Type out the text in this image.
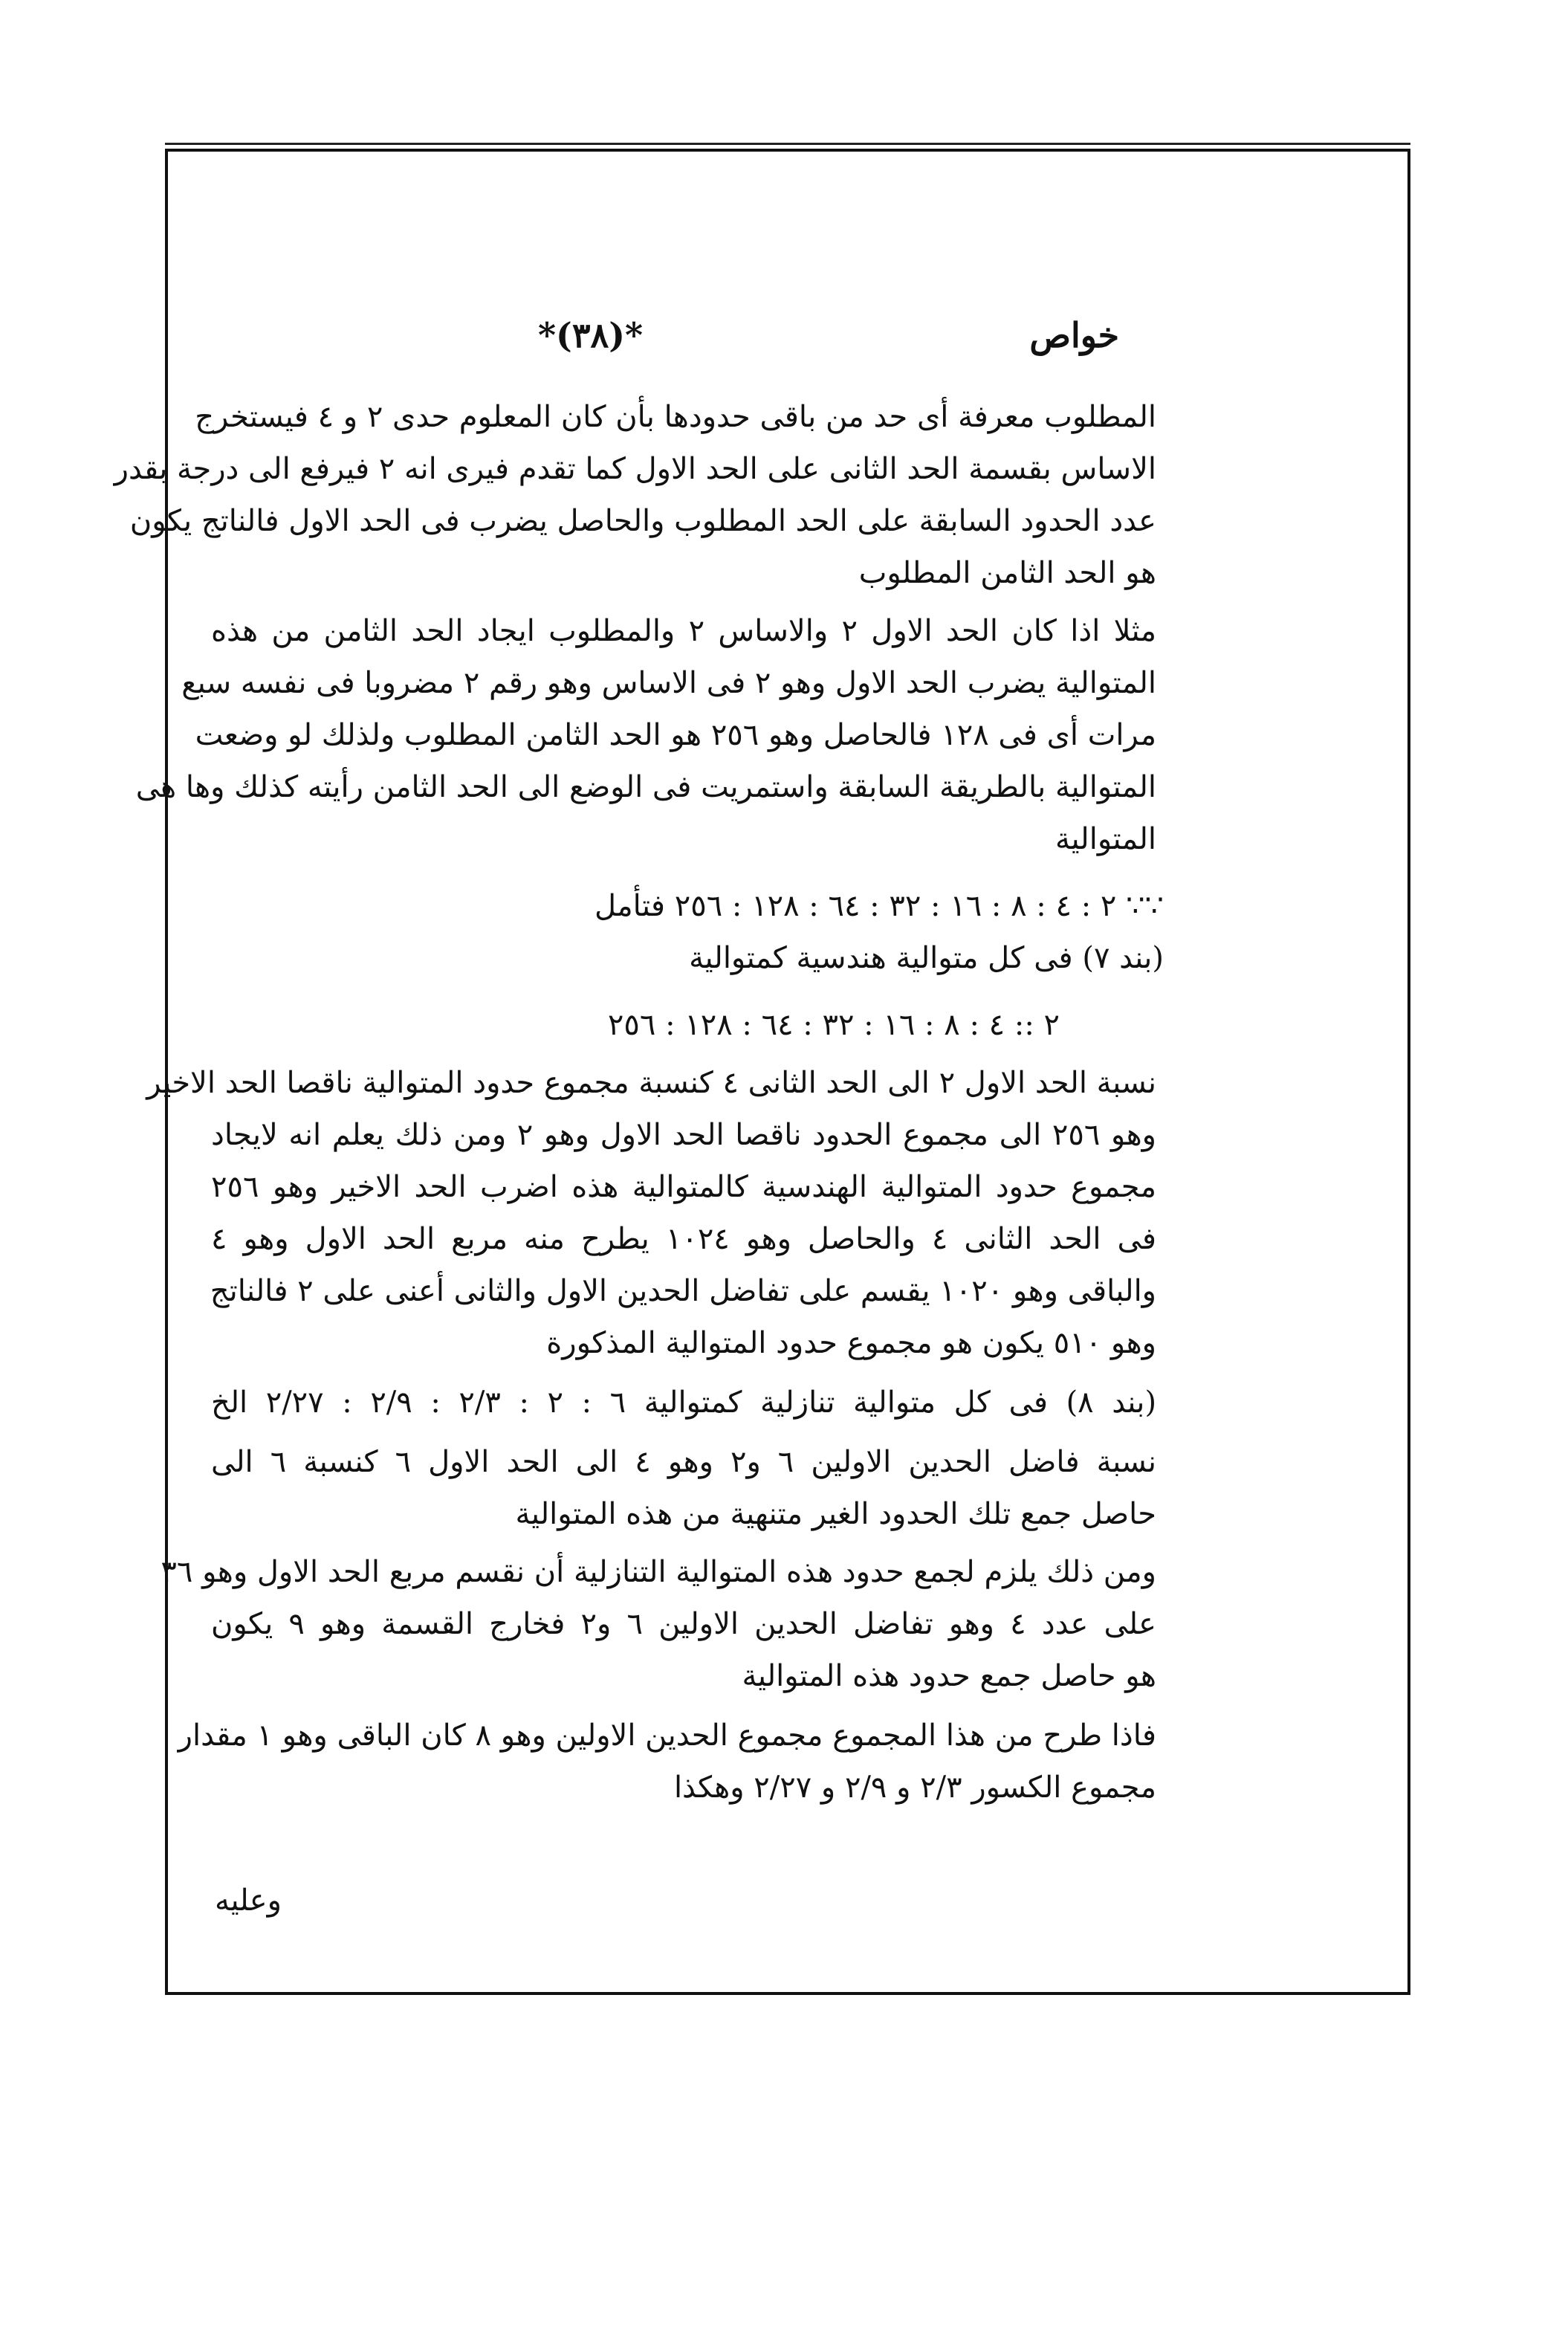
خواص
*(٣٨)*
المطلوب معرفة أى حد من باقى حدودها بأن كان المعلوم حدى ٢ و ٤ فيستخرج
الاساس بقسمة الحد الثانى على الحد الاول كما تقدم فيرى انه ٢ فيرفع الى درجة بقدر
عدد الحدود السابقة على الحد المطلوب والحاصل يضرب فى الحد الاول فالناتج يكون
هو الحد الثامن المطلوب
مثلا اذا كان الحد الاول ٢ والاساس ٢ والمطلوب ايجاد الحد الثامن من هذه
المتوالية يضرب الحد الاول وهو ٢ فى الاساس وهو رقم ٢ مضروبا فى نفسه سبع
مرات أى فى ١٢٨ فالحاصل وهو ٢٥٦ هو الحد الثامن المطلوب ولذلك لو وضعت
المتوالية بالطريقة السابقة واستمريت فى الوضع الى الحد الثامن رأيته كذلك وها هى
المتوالية
∵∵ ٢ : ٤ : ٨ : ١٦ : ٣٢ : ٦٤ : ١٢٨ : ٢٥٦ فتأمل
(بند ٧) فى كل متوالية هندسية كمتوالية
٢ :: ٤ : ٨ : ١٦ : ٣٢ : ٦٤ : ١٢٨ : ٢٥٦
نسبة الحد الاول ٢ الى الحد الثانى ٤ كنسبة مجموع حدود المتوالية ناقصا الحد الاخير
وهو ٢٥٦ الى مجموع الحدود ناقصا الحد الاول وهو ٢ ومن ذلك يعلم انه لايجاد
مجموع حدود المتوالية الهندسية كالمتوالية هذه اضرب الحد الاخير وهو ٢٥٦
فى الحد الثانى ٤ والحاصل وهو ١٠٢٤ يطرح منه مربع الحد الاول وهو ٤
والباقى وهو ١٠٢٠ يقسم على تفاضل الحدين الاول والثانى أعنى على ٢ فالناتج
وهو ٥١٠ يكون هو مجموع حدود المتوالية المذكورة
(بند ٨) فى كل متوالية تنازلية كمتوالية ٦ : ٢ : ٢/٣ : ٢/٩ : ٢/٢٧ الخ
نسبة فاضل الحدين الاولين ٦ و٢ وهو ٤ الى الحد الاول ٦ كنسبة ٦ الى
حاصل جمع تلك الحدود الغير متنهية من هذه المتوالية
ومن ذلك يلزم لجمع حدود هذه المتوالية التنازلية أن نقسم مربع الحد الاول وهو ٣٦
على عدد ٤ وهو تفاضل الحدين الاولين ٦ و٢ فخارج القسمة وهو ٩ يكون
هو حاصل جمع حدود هذه المتوالية
فاذا طرح من هذا المجموع مجموع الحدين الاولين وهو ٨ كان الباقى وهو ١ مقدار
مجموع الكسور ٢/٣ و ٢/٩ و ٢/٢٧ وهكذا
وعليه
